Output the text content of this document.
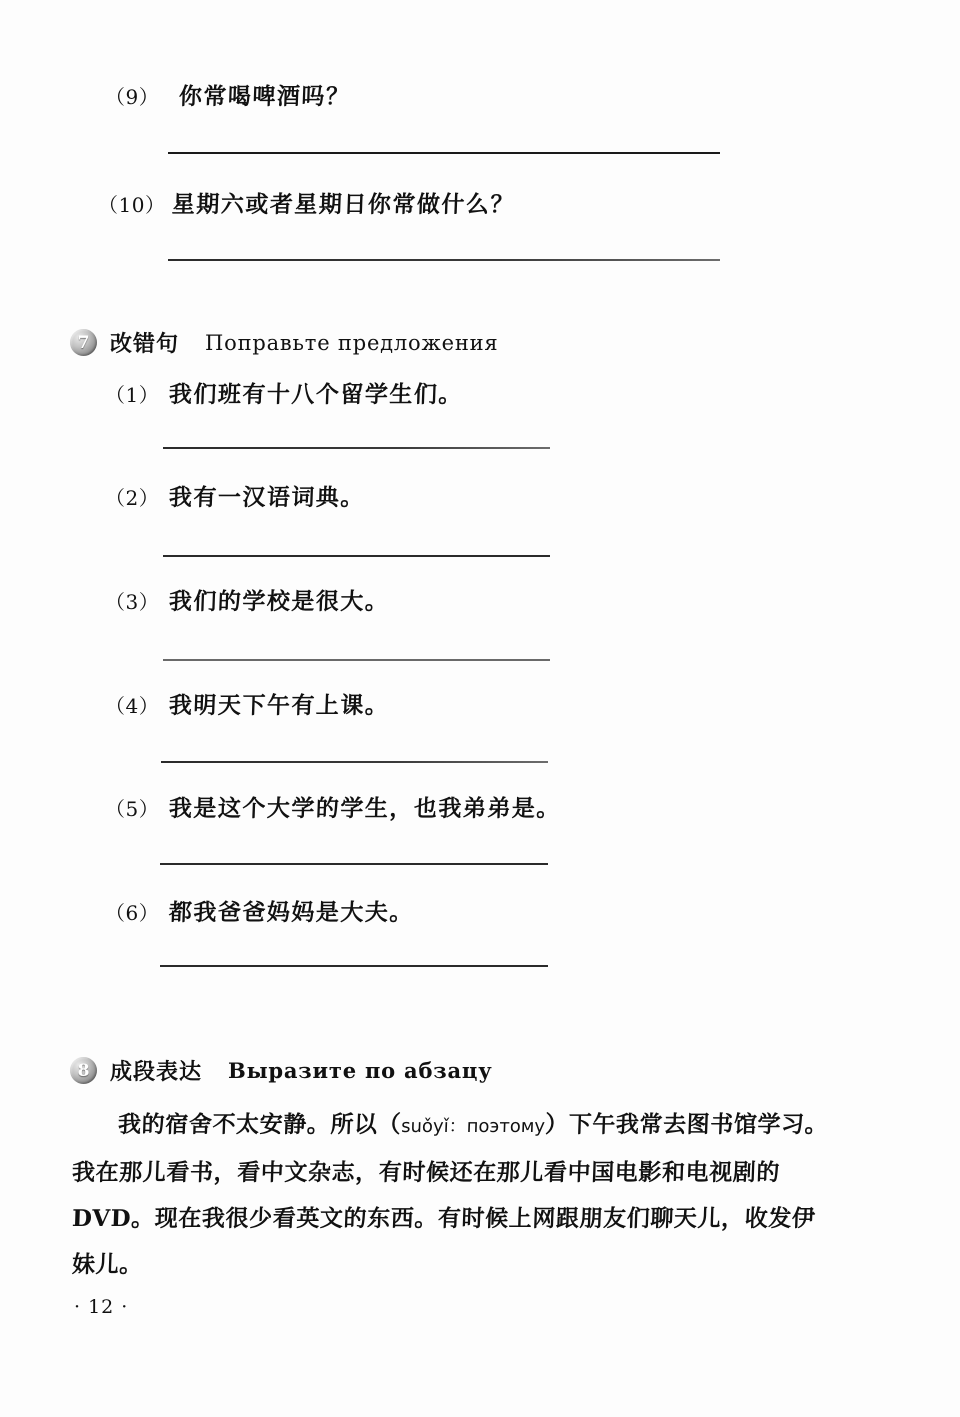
（9） 你常喝啤酒吗？
（10） 星期六或者星期日你常做什么？
7 改错句 Поправьте предложения
（1） 我们班有十八个留学生们。
（2） 我有一汉语词典。
（3） 我们的学校是很大。
（4） 我明天下午有上课。
（5） 我是这个大学的学生，也我弟弟是。
（6） 都我爸爸妈妈是大夫。
8 成段表达 Выразите по абзацу
我的宿舍不太安静。所以（suǒyǐ：поэтому）下午我常去图书馆学习。
我在那儿看书，看中文杂志，有时候还在那儿看中国电影和电视剧的
DVD。现在我很少看英文的东西。有时候上网跟朋友们聊天儿，收发伊
妹儿。
· 12 ·
